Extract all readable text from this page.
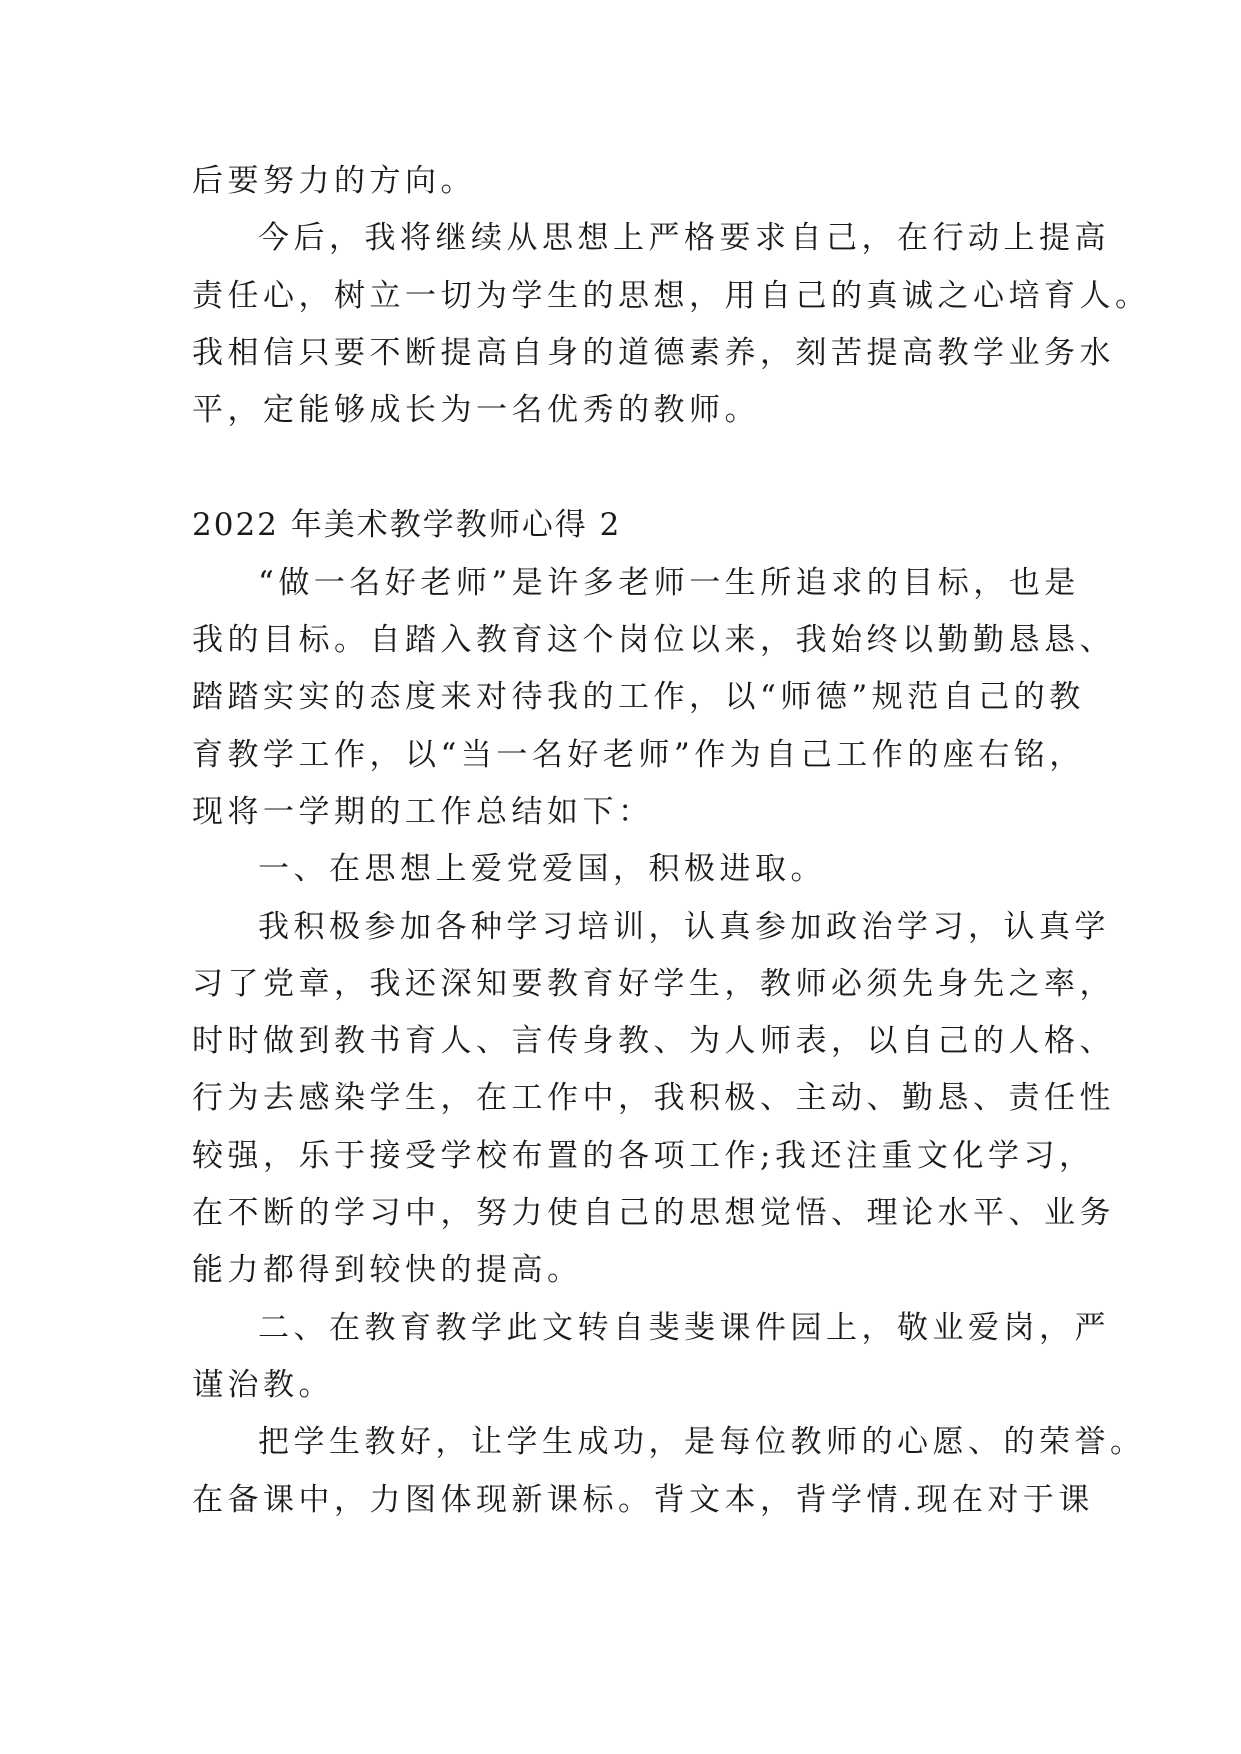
后要努力的方向。
今后，我将继续从思想上严格要求自己，在行动上提高
责任心，树立一切为学生的思想，用自己的真诚之心培育人。
我相信只要不断提高自身的道德素养，刻苦提高教学业务水
平，定能够成长为一名优秀的教师。
2022 年美术教学教师心得 2
“做一名好老师”是许多老师一生所追求的目标，也是
我的目标。自踏入教育这个岗位以来，我始终以勤勤恳恳、
踏踏实实的态度来对待我的工作，以“师德”规范自己的教
育教学工作，以“当一名好老师”作为自己工作的座右铭，
现将一学期的工作总结如下：
一、在思想上爱党爱国，积极进取。
我积极参加各种学习培训，认真参加政治学习，认真学
习了党章，我还深知要教育好学生，教师必须先身先之率，
时时做到教书育人、言传身教、为人师表，以自己的人格、
行为去感染学生，在工作中，我积极、主动、勤恳、责任性
较强，乐于接受学校布置的各项工作;我还注重文化学习，
在不断的学习中，努力使自己的思想觉悟、理论水平、业务
能力都得到较快的提高。
二、在教育教学此文转自斐斐课件园上，敬业爱岗，严
谨治教。
把学生教好，让学生成功，是每位教师的心愿、的荣誉。
在备课中，力图体现新课标。背文本，背学情.现在对于课
